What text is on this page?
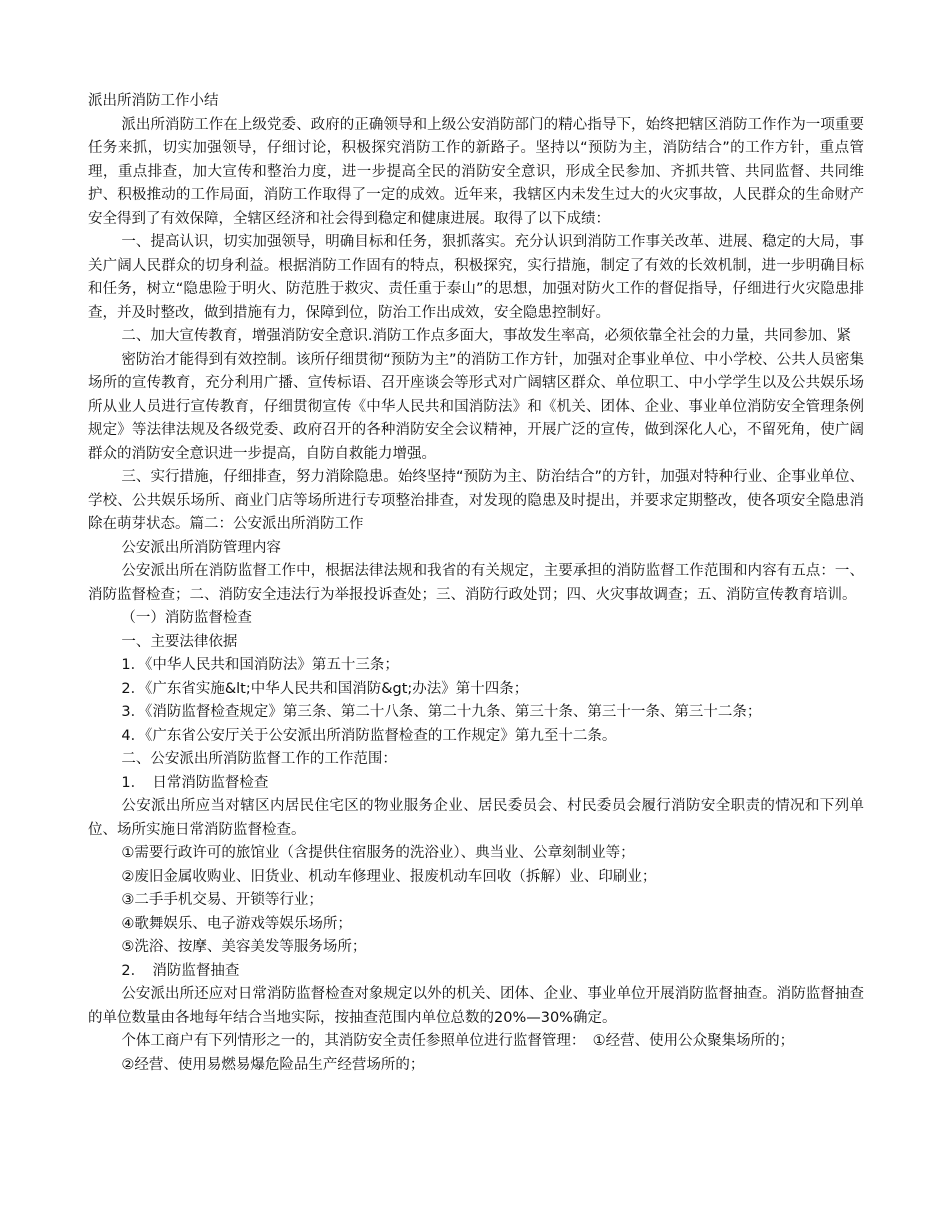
派出所消防工作小结

派出所消防工作在上级党委、政府的正确领导和上级公安消防部门的精心指导下，始终把辖区消防工作作为一项重要任务来抓，切实加强领导，仔细讨论，积极探究消防工作的新路子。坚持以“预防为主，消防结合”的工作方针，重点管理，重点排查，加大宣传和整治力度，进一步提高全民的消防安全意识，形成全民参加、齐抓共管、共同监督、共同维护、积极推动的工作局面，消防工作取得了一定的成效。近年来，我辖区内未发生过大的火灾事故，人民群众的生命财产安全得到了有效保障，全辖区经济和社会得到稳定和健康进展。取得了以下成绩：

一、提高认识，切实加强领导，明确目标和任务，狠抓落实。充分认识到消防工作事关改革、进展、稳定的大局，事关广阔人民群众的切身利益。根据消防工作固有的特点，积极探究，实行措施，制定了有效的长效机制，进一步明确目标和任务，树立“隐患险于明火、防范胜于救灾、责任重于泰山”的思想，加强对防火工作的督促指导，仔细进行火灾隐患排查，并及时整改，做到措施有力，保障到位，防治工作出成效，安全隐患控制好。

二、加大宣传教育，增强消防安全意识.消防工作点多面大，事故发生率高，必须依靠全社会的力量，共同参加、紧

密防治才能得到有效控制。该所仔细贯彻“预防为主”的消防工作方针，加强对企事业单位、中小学校、公共人员密集场所的宣传教育，充分利用广播、宣传标语、召开座谈会等形式对广阔辖区群众、单位职工、中小学学生以及公共娱乐场所从业人员进行宣传教育，仔细贯彻宣传《中华人民共和国消防法》和《机关、团体、企业、事业单位消防安全管理条例规定》等法律法规及各级党委、政府召开的各种消防安全会议精神，开展广泛的宣传，做到深化人心，不留死角，使广阔群众的消防安全意识进一步提高，自防自救能力增强。

三、实行措施，仔细排查，努力消除隐患。始终坚持“预防为主、防治结合”的方针，加强对特种行业、企事业单位、学校、公共娱乐场所、商业门店等场所进行专项整治排查，对发现的隐患及时提出，并要求定期整改，使各项安全隐患消除在萌芽状态。篇二：公安派出所消防工作

公安派出所消防管理内容

公安派出所在消防监督工作中，根据法律法规和我省的有关规定，主要承担的消防监督工作范围和内容有五点：一、消防监督检查；二、消防安全违法行为举报投诉查处；三、消防行政处罚；四、火灾事故调查；五、消防宣传教育培训。

（一）消防监督检查

一、主要法律依据

1．《中华人民共和国消防法》第五十三条；

2．《广东省实施&lt;中华人民共和国消防&gt;办法》第十四条；

3．《消防监督检查规定》第三条、第二十八条、第二十九条、第三十条、第三十一条、第三十二条；

4．《广东省公安厅关于公安派出所消防监督检查的工作规定》第九至十二条。

二、公安派出所消防监督工作的工作范围：

1．　日常消防监督检查

公安派出所应当对辖区内居民住宅区的物业服务企业、居民委员会、村民委员会履行消防安全职责的情况和下列单位、场所实施日常消防监督检查。

①需要行政许可的旅馆业（含提供住宿服务的洗浴业）、典当业、公章刻制业等；

②废旧金属收购业、旧货业、机动车修理业、报废机动车回收（拆解）业、印刷业；

③二手手机交易、开锁等行业；

④歌舞娱乐、电子游戏等娱乐场所；

⑤洗浴、按摩、美容美发等服务场所；

2．　消防监督抽查

公安派出所还应对日常消防监督检查对象规定以外的机关、团体、企业、事业单位开展消防监督抽查。消防监督抽查的单位数量由各地每年结合当地实际，按抽查范围内单位总数的20%—30%确定。

个体工商户有下列情形之一的，其消防安全责任参照单位进行监督管理：　①经营、使用公众聚集场所的；

②经营、使用易燃易爆危险品生产经营场所的；
